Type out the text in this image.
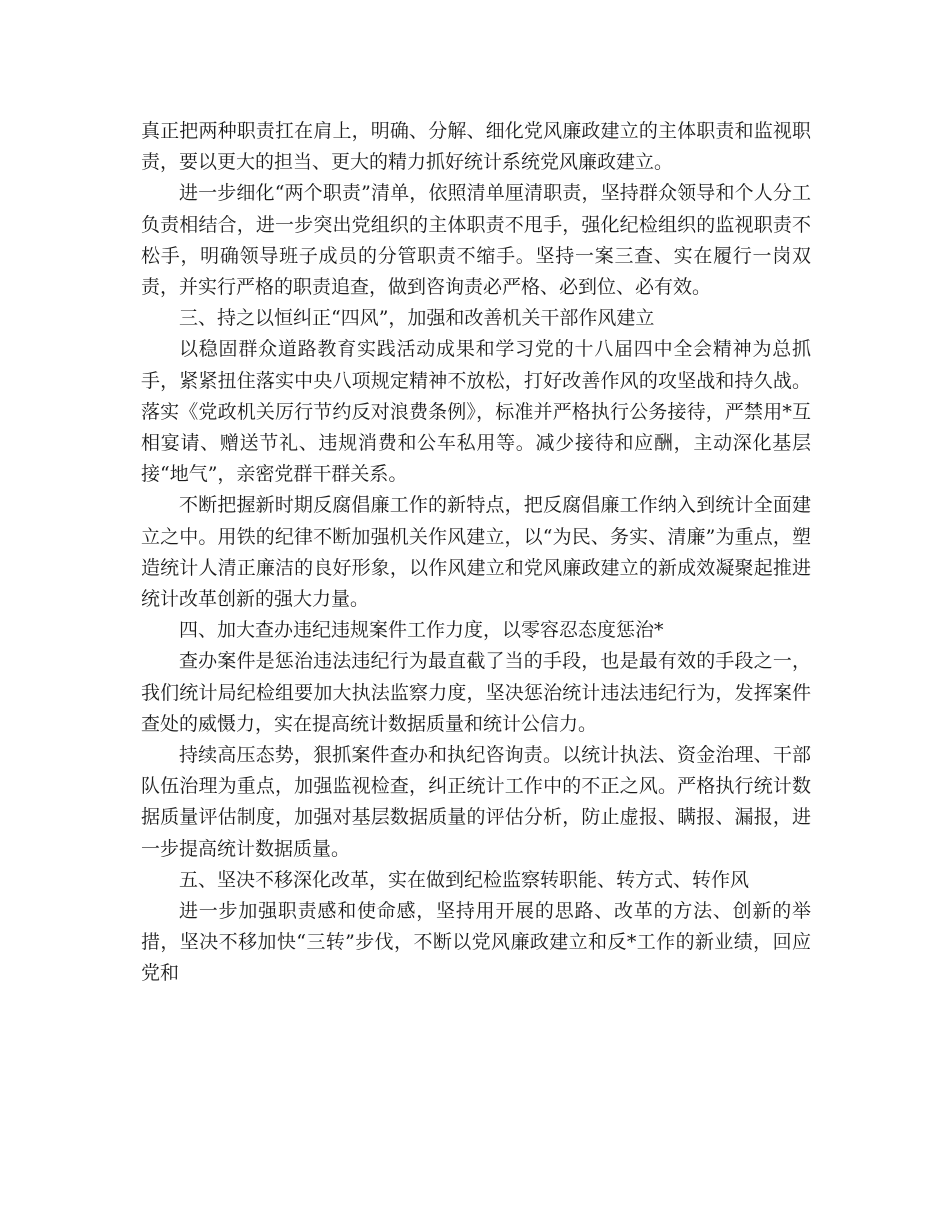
真正把两种职责扛在肩上，明确、分解、细化党风廉政建立的主体职责和监视职责，要以更大的担当、更大的精力抓好统计系统党风廉政建立。

进一步细化“两个职责”清单，依照清单厘清职责，坚持群众领导和个人分工负责相结合，进一步突出党组织的主体职责不甩手，强化纪检组织的监视职责不松手，明确领导班子成员的分管职责不缩手。坚持一案三查、实在履行一岗双责，并实行严格的职责追查，做到咨询责必严格、必到位、必有效。

三、持之以恒纠正“四风”，加强和改善机关干部作风建立

以稳固群众道路教育实践活动成果和学习党的十八届四中全会精神为总抓手，紧紧扭住落实中央八项规定精神不放松，打好改善作风的攻坚战和持久战。落实《党政机关厉行节约反对浪费条例》，标准并严格执行公务接待，严禁用*互相宴请、赠送节礼、违规消费和公车私用等。减少接待和应酬，主动深化基层接“地气”，亲密党群干群关系。

不断把握新时期反腐倡廉工作的新特点，把反腐倡廉工作纳入到统计全面建立之中。用铁的纪律不断加强机关作风建立，以“为民、务实、清廉”为重点，塑造统计人清正廉洁的良好形象，以作风建立和党风廉政建立的新成效凝聚起推进统计改革创新的强大力量。

四、加大查办违纪违规案件工作力度，以零容忍态度惩治*

查办案件是惩治违法违纪行为最直截了当的手段，也是最有效的手段之一，我们统计局纪检组要加大执法监察力度，坚决惩治统计违法违纪行为，发挥案件查处的威慑力，实在提高统计数据质量和统计公信力。

持续高压态势，狠抓案件查办和执纪咨询责。以统计执法、资金治理、干部队伍治理为重点，加强监视检查，纠正统计工作中的不正之风。严格执行统计数据质量评估制度，加强对基层数据质量的评估分析，防止虚报、瞒报、漏报，进一步提高统计数据质量。

五、坚决不移深化改革，实在做到纪检监察转职能、转方式、转作风

进一步加强职责感和使命感，坚持用开展的思路、改革的方法、创新的举措，坚决不移加快“三转”步伐，不断以党风廉政建立和反*工作的新业绩，回应党和
